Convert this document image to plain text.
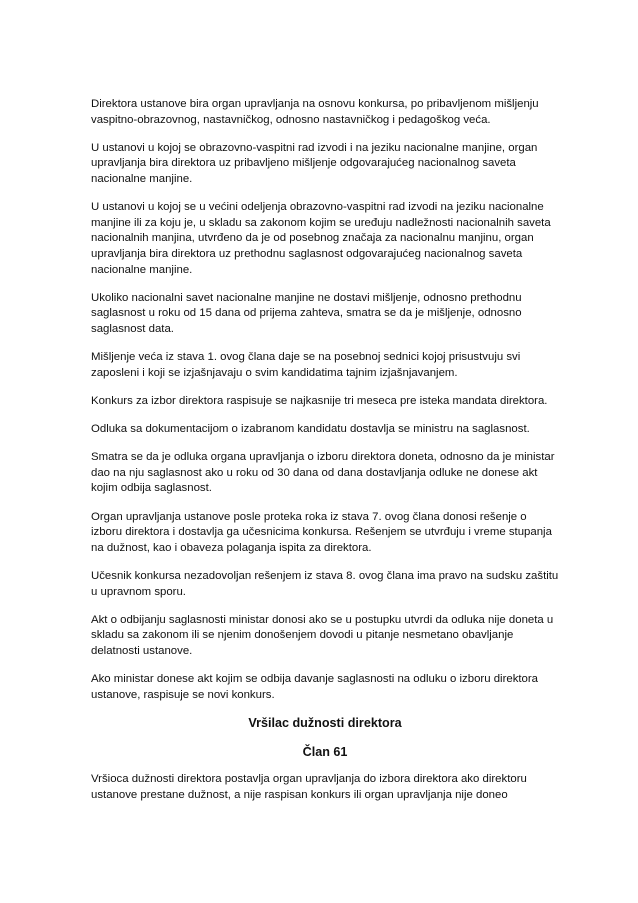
Direktora ustanove bira organ upravljanja na osnovu konkursa, po pribavljenom mišljenju vaspitno-obrazovnog, nastavničkog, odnosno nastavničkog i pedagoškog veća.

U ustanovi u kojoj se obrazovno-vaspitni rad izvodi i na jeziku nacionalne manjine, organ upravljanja bira direktora uz pribavljeno mišljenje odgovarajućeg nacionalnog saveta nacionalne manjine.

U ustanovi u kojoj se u većini odeljenja obrazovno-vaspitni rad izvodi na jeziku nacionalne manjine ili za koju je, u skladu sa zakonom kojim se uređuju nadležnosti nacionalnih saveta nacionalnih manjina, utvrđeno da je od posebnog značaja za nacionalnu manjinu, organ upravljanja bira direktora uz prethodnu saglasnost odgovarajućeg nacionalnog saveta nacionalne manjine.

Ukoliko nacionalni savet nacionalne manjine ne dostavi mišljenje, odnosno prethodnu saglasnost u roku od 15 dana od prijema zahteva, smatra se da je mišljenje, odnosno saglasnost data.

Mišljenje veća iz stava 1. ovog člana daje se na posebnoj sednici kojoj prisustvuju svi zaposleni i koji se izjašnjavaju o svim kandidatima tajnim izjašnjavanjem.

Konkurs za izbor direktora raspisuje se najkasnije tri meseca pre isteka mandata direktora.

Odluka sa dokumentacijom o izabranom kandidatu dostavlja se ministru na saglasnost.

Smatra se da je odluka organa upravljanja o izboru direktora doneta, odnosno da je ministar dao na nju saglasnost ako u roku od 30 dana od dana dostavljanja odluke ne donese akt kojim odbija saglasnost.

Organ upravljanja ustanove posle proteka roka iz stava 7. ovog člana donosi rešenje o izboru direktora i dostavlja ga učesnicima konkursa. Rešenjem se utvrđuju i vreme stupanja na dužnost, kao i obaveza polaganja ispita za direktora.

Učesnik konkursa nezadovoljan rešenjem iz stava 8. ovog člana ima pravo na sudsku zaštitu u upravnom sporu.

Akt o odbijanju saglasnosti ministar donosi ako se u postupku utvrdi da odluka nije doneta u skladu sa zakonom ili se njenim donošenjem dovodi u pitanje nesmetano obavljanje delatnosti ustanove.

Ako ministar donese akt kojim se odbija davanje saglasnosti na odluku o izboru direktora ustanove, raspisuje se novi konkurs.

Vršilac dužnosti direktora
Član 61

Vršioca dužnosti direktora postavlja organ upravljanja do izbora direktora ako direktoru ustanove prestane dužnost, a nije raspisan konkurs ili organ upravljanja nije doneo
